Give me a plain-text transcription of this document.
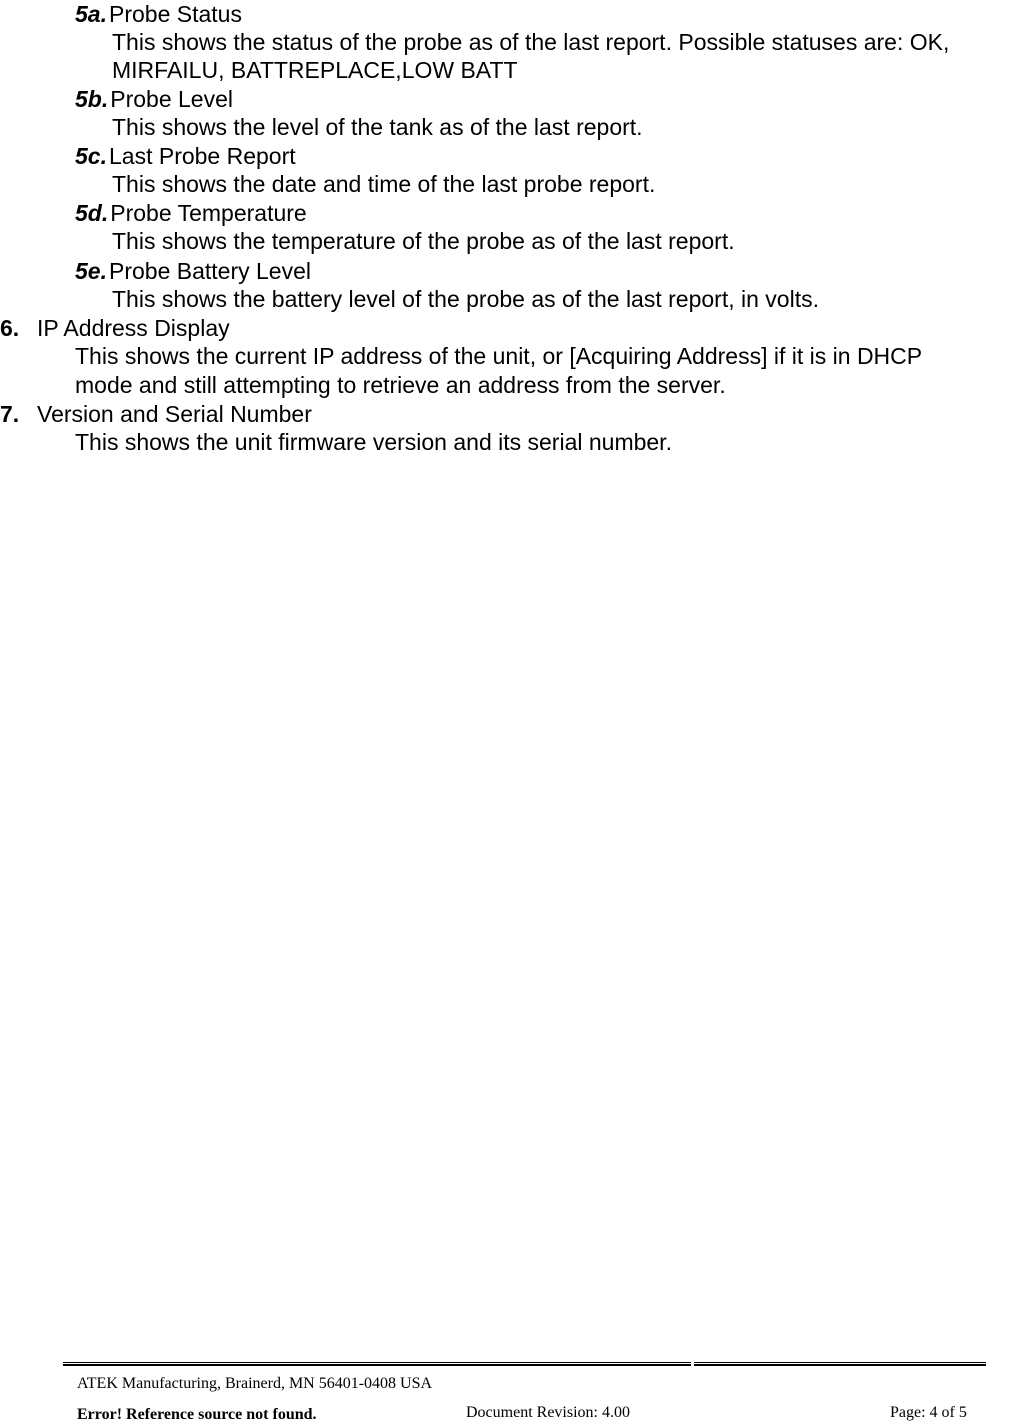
5a.Probe Status
This shows the status of the probe as of the last report. Possible statuses are: OK,
MIRFAILU, BATTREPLACE,LOW BATT
5b.Probe Level
This shows the level of the tank as of the last report.
5c.Last Probe Report
This shows the date and time of the last probe report.
5d.Probe Temperature
This shows the temperature of the probe as of the last report.
5e.Probe Battery Level
This shows the battery level of the probe as of the last report, in volts.
6. IP Address Display
This shows the current IP address of the unit, or [Acquiring Address] if it is in DHCP
mode and still attempting to retrieve an address from the server.
7. Version and Serial Number
This shows the unit firmware version and its serial number.
ATEK Manufacturing, Brainerd, MN 56401-0408 USA
Error! Reference source not found.	Document Revision: 4.00	Page: 4 of 5
